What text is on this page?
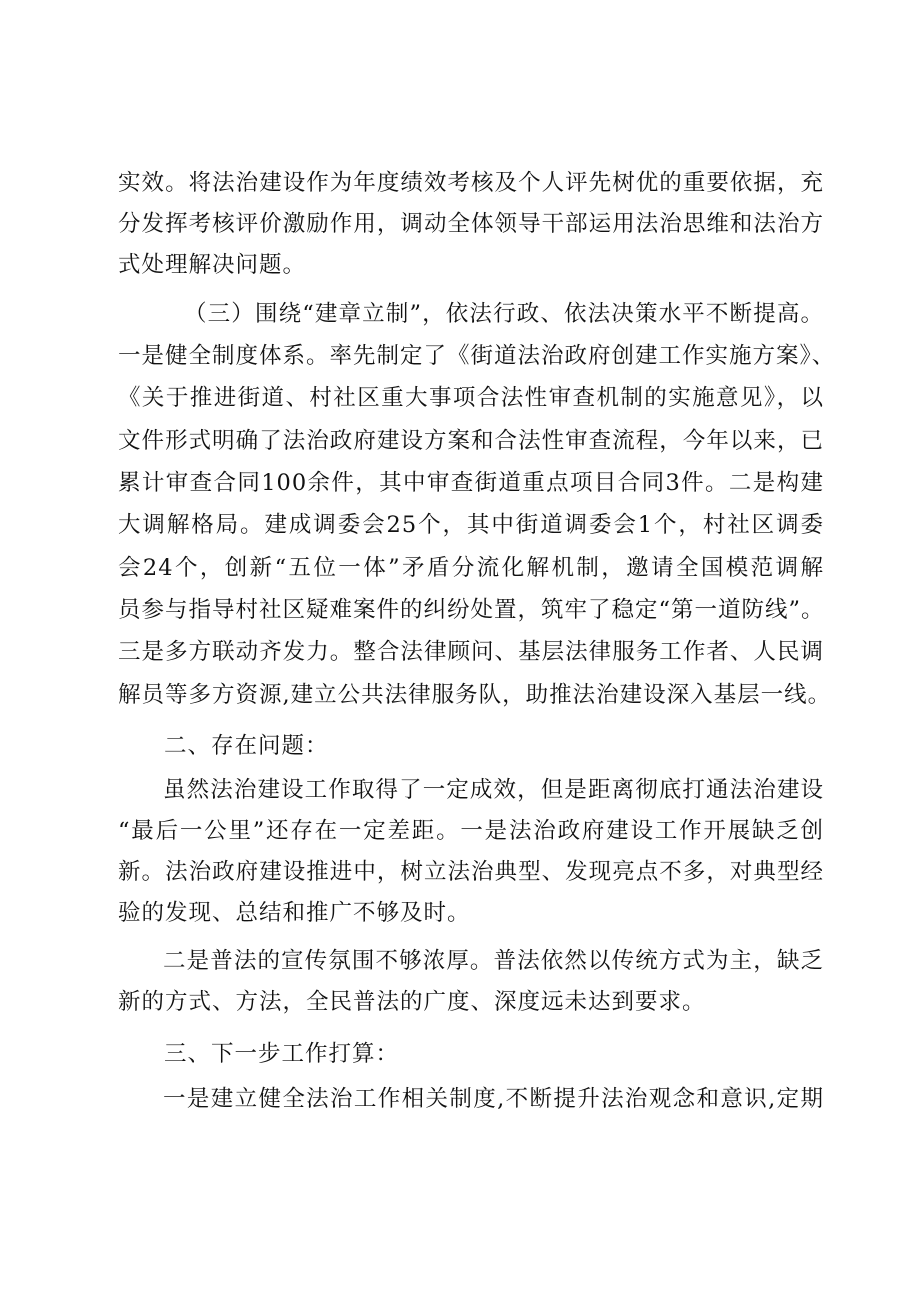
实效。将法治建设作为年度绩效考核及个人评先树优的重要依据，充
分发挥考核评价激励作用，调动全体领导干部运用法治思维和法治方
式处理解决问题。
（三）围绕“建章立制”，依法行政、依法决策水平不断提高。
一是健全制度体系。率先制定了《街道法治政府创建工作实施方案》、
《关于推进街道、村社区重大事项合法性审查机制的实施意见》，以
文件形式明确了法治政府建设方案和合法性审查流程，今年以来，已
累计审查合同100余件，其中审查街道重点项目合同3件。二是构建
大调解格局。建成调委会25个，其中街道调委会1个，村社区调委
会24个，创新“五位一体”矛盾分流化解机制，邀请全国模范调解
员参与指导村社区疑难案件的纠纷处置，筑牢了稳定“第一道防线”。
三是多方联动齐发力。整合法律顾问、基层法律服务工作者、人民调
解员等多方资源,建立公共法律服务队，助推法治建设深入基层一线。
二、存在问题：
虽然法治建设工作取得了一定成效，但是距离彻底打通法治建设
“最后一公里”还存在一定差距。一是法治政府建设工作开展缺乏创
新。法治政府建设推进中，树立法治典型、发现亮点不多，对典型经
验的发现、总结和推广不够及时。
二是普法的宣传氛围不够浓厚。普法依然以传统方式为主，缺乏
新的方式、方法，全民普法的广度、深度远未达到要求。
三、下一步工作打算：
一是建立健全法治工作相关制度,不断提升法治观念和意识,定期
